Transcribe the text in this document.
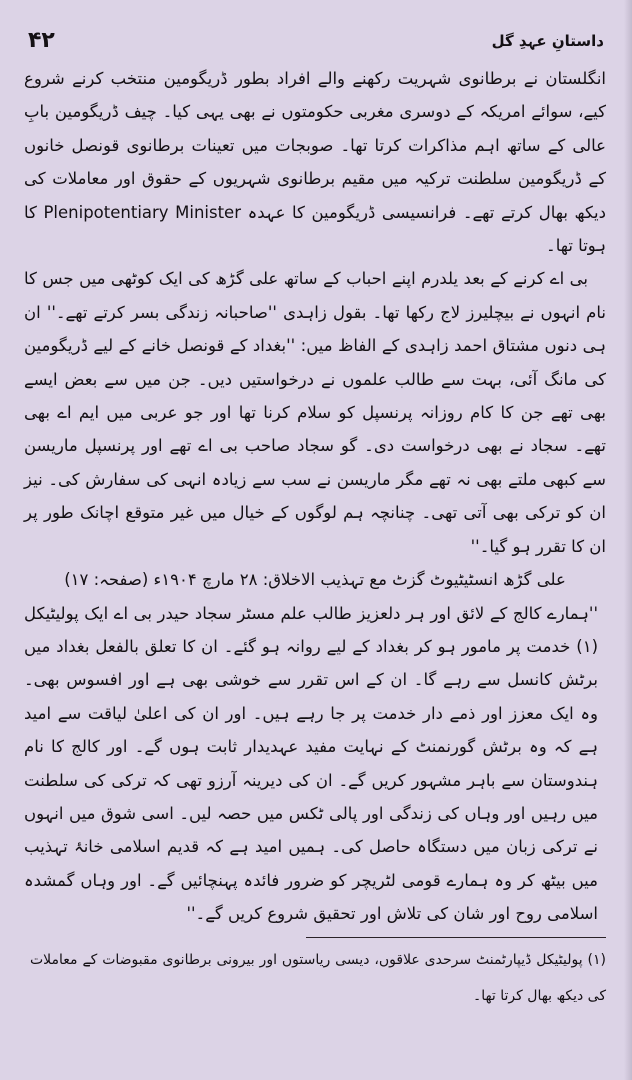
۴۲	داستانِ عہدِ گل

انگلستان نے برطانوی شہریت رکھنے والے افراد بطور ڈریگومین منتخب کرنے شروع کیے، سوائے امریکہ کے دوسری مغربی حکومتوں نے بھی یہی کیا۔ چیف ڈریگومین بابِ عالی کے ساتھ اہم مذاکرات کرتا تھا۔ صوبجات میں تعینات برطانوی قونصل خانوں کے ڈریگومین سلطنت ترکیہ میں مقیم برطانوی شہریوں کے حقوق اور معاملات کی دیکھ بھال کرتے تھے۔ فرانسیسی ڈریگومین کا عہدہ Plenipotentiary Minister کا ہوتا تھا۔

بی اے کرنے کے بعد یلدرم اپنے احباب کے ساتھ علی گڑھ کی ایک کوٹھی میں جس کا نام انہوں نے بیچلیرز لاج رکھا تھا۔ بقول زاہدی ''صاحبانہ زندگی بسر کرتے تھے۔'' ان ہی دنوں مشتاق احمد زاہدی کے الفاظ میں: ''بغداد کے قونصل خانے کے لیے ڈریگومین کی مانگ آئی، بہت سے طالب علموں نے درخواستیں دیں۔ جن میں سے بعض ایسے بھی تھے جن کا کام روزانہ پرنسپل کو سلام کرنا تھا اور جو عربی میں ایم اے بھی تھے۔ سجاد نے بھی درخواست دی۔ گو سجاد صاحب بی اے تھے اور پرنسپل ماریسن سے کبھی ملتے بھی نہ تھے مگر ماریسن نے سب سے زیادہ انہی کی سفارش کی۔ نیز ان کو ترکی بھی آتی تھی۔ چنانچہ ہم لوگوں کے خیال میں غیر متوقع اچانک طور پر ان کا تقرر ہو گیا۔''

علی گڑھ انسٹیٹیوٹ گزٹ مع تہذیب الاخلاق: ۲۸ مارچ ۱۹۰۴ء (صفحہ: ۱۷)

''ہمارے کالج کے لائق اور ہر دلعزیز طالب علم مسٹر سجاد حیدر بی اے ایک پولیٹیکل (۱) خدمت پر مامور ہو کر بغداد کے لیے روانہ ہو گئے۔ ان کا تعلق بالفعل بغداد میں برٹش کانسل سے رہے گا۔ ان کے اس تقرر سے خوشی بھی ہے اور افسوس بھی۔ وہ ایک معزز اور ذمے دار خدمت پر جا رہے ہیں۔ اور ان کی اعلیٰ لیاقت سے امید ہے کہ وہ برٹش گورنمنٹ کے نہایت مفید عہدیدار ثابت ہوں گے۔ اور کالج کا نام ہندوستان سے باہر مشہور کریں گے۔ ان کی دیرینہ آرزو تھی کہ ترکی کی سلطنت میں رہیں اور وہاں کی زندگی اور پالی ٹکس میں حصہ لیں۔ اسی شوق میں انہوں نے ترکی زبان میں دستگاہ حاصل کی۔ ہمیں امید ہے کہ قدیم اسلامی خانۂ تہذیب میں بیٹھ کر وہ ہمارے قومی لٹریچر کو ضرور فائدہ پہنچائیں گے۔ اور وہاں گمشدہ اسلامی روح اور شان کی تلاش اور تحقیق شروع کریں گے۔''

(۱) پولیٹیکل ڈیپارٹمنٹ سرحدی علاقوں، دیسی ریاستوں اور بیرونی برطانوی مقبوضات کے معاملات کی دیکھ بھال کرتا تھا۔
